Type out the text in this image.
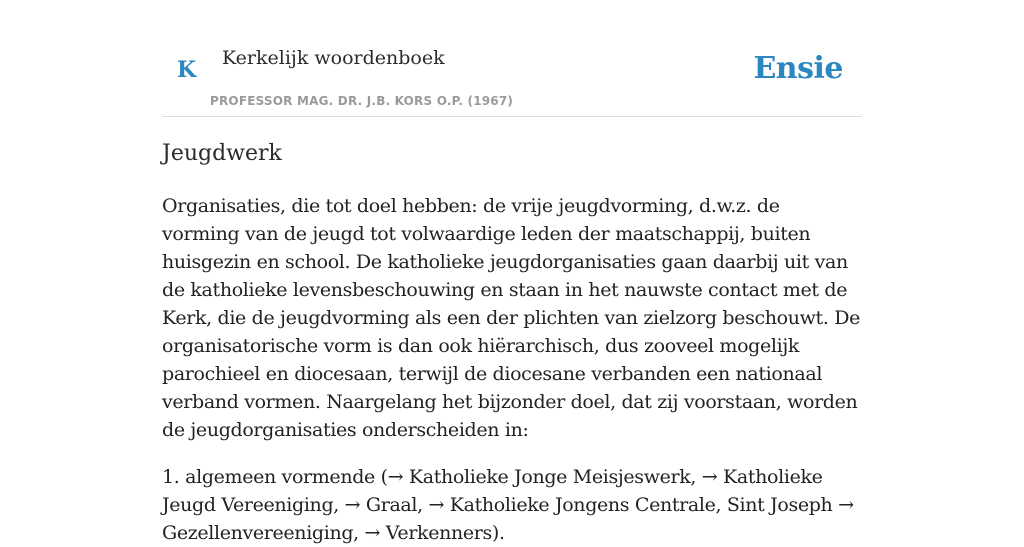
K Kerkelijk woordenboek
PROFESSOR MAG. DR. J.B. KORS O.P. (1967)
Ensie
Jeugdwerk

Organisaties, die tot doel hebben: de vrije jeugdvorming, d.w.z. de vorming van de jeugd tot volwaardige leden der maatschappij, buiten huisgezin en school. De katholieke jeugdorganisaties gaan daarbij uit van de katholieke levensbeschouwing en staan in het nauwste contact met de Kerk, die de jeugdvorming als een der plichten van zielzorg beschouwt. De organisatorische vorm is dan ook hiërarchisch, dus zooveel mogelijk parochieel en diocesaan, terwijl de diocesane verbanden een nationaal verband vormen. Naargelang het bijzonder doel, dat zij voorstaan, worden de jeugdorganisaties onderscheiden in:

1. algemeen vormende (→ Katholieke Jonge Meisjeswerk, → Katholieke Jeugd Vereeniging, → Graal, → Katholieke Jongens Centrale, Sint Joseph → Gezellenvereeniging, → Verkenners).
